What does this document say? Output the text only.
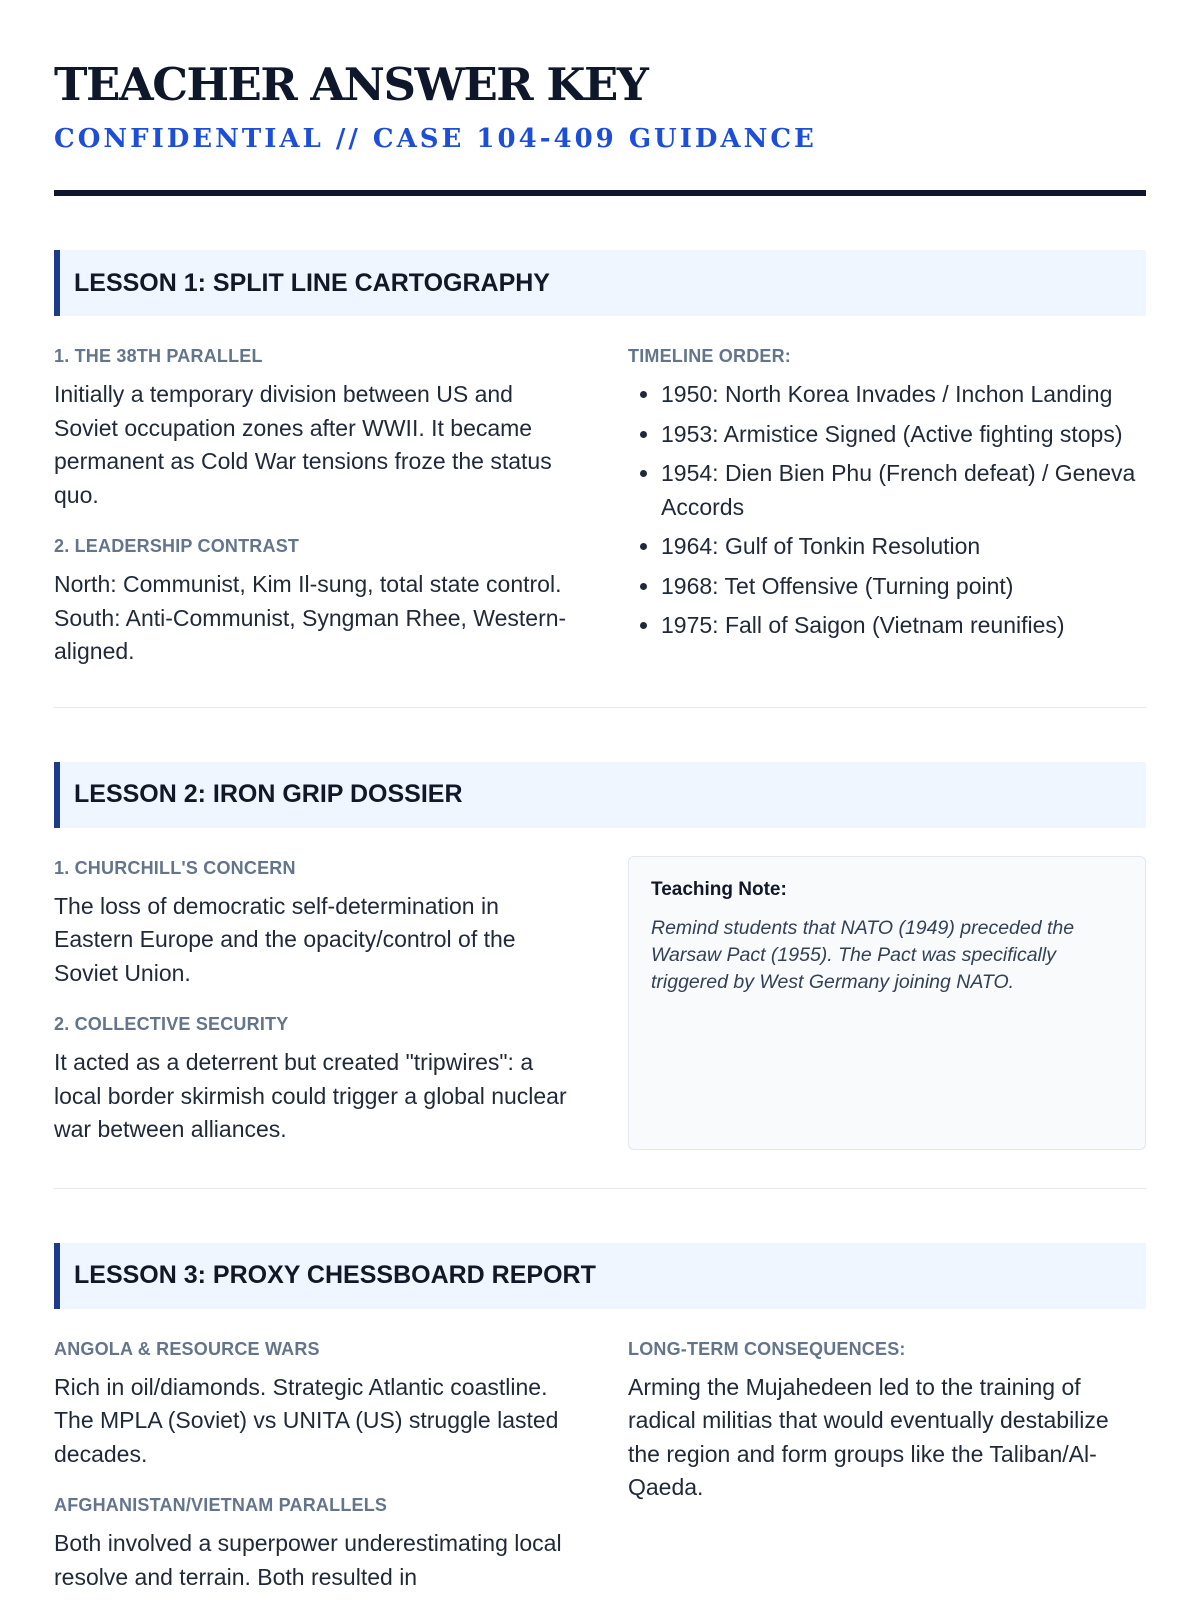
TEACHER ANSWER KEY
CONFIDENTIAL // CASE 104-409 GUIDANCE
LESSON 1: SPLIT LINE CARTOGRAPHY
1. THE 38TH PARALLEL

Initially a temporary division between US and Soviet occupation zones after WWII. It became permanent as Cold War tensions froze the status quo.

2. LEADERSHIP CONTRAST

North: Communist, Kim Il-sung, total state control. South: Anti-Communist, Syngman Rhee, Western-aligned.

TIMELINE ORDER:
• 1950: North Korea Invades / Inchon Landing
• 1953: Armistice Signed (Active fighting stops)
• 1954: Dien Bien Phu (French defeat) / Geneva Accords
• 1964: Gulf of Tonkin Resolution
• 1968: Tet Offensive (Turning point)
• 1975: Fall of Saigon (Vietnam reunifies)
LESSON 2: IRON GRIP DOSSIER
1. CHURCHILL'S CONCERN

The loss of democratic self-determination in Eastern Europe and the opacity/control of the Soviet Union.

2. COLLECTIVE SECURITY

It acted as a deterrent but created "tripwires": a local border skirmish could trigger a global nuclear war between alliances.

Teaching Note:
Remind students that NATO (1949) preceded the Warsaw Pact (1955). The Pact was specifically triggered by West Germany joining NATO.
LESSON 3: PROXY CHESSBOARD REPORT
ANGOLA & RESOURCE WARS

Rich in oil/diamonds. Strategic Atlantic coastline. The MPLA (Soviet) vs UNITA (US) struggle lasted decades.

AFGHANISTAN/VIETNAM PARALLELS

Both involved a superpower underestimating local resolve and terrain. Both resulted in

LONG-TERM CONSEQUENCES:

Arming the Mujahedeen led to the training of radical militias that would eventually destabilize the region and form groups like the Taliban/Al-Qaeda.
